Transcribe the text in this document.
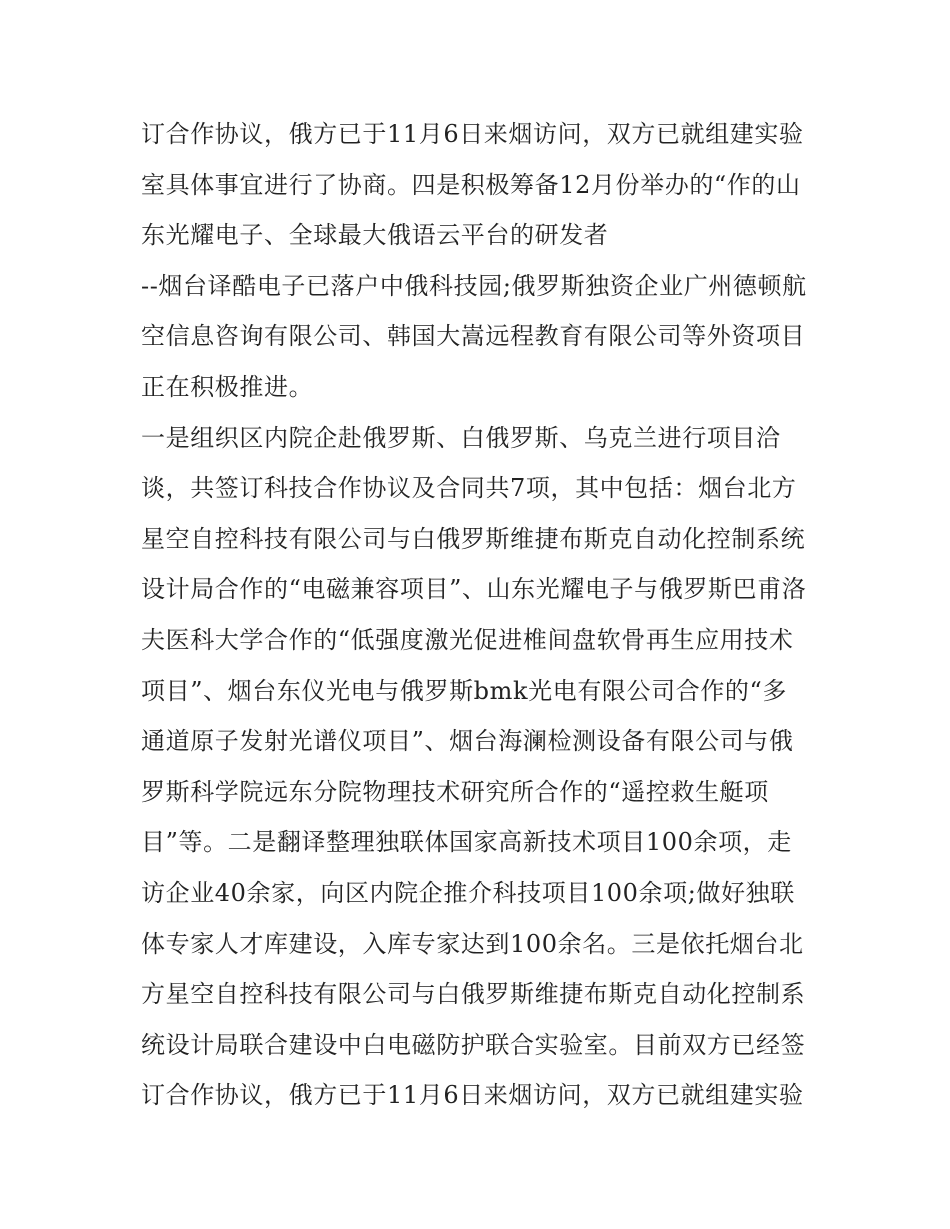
订合作协议，俄方已于11月6日来烟访问，双方已就组建实验
室具体事宜进行了协商。四是积极筹备12月份举办的“作的山
东光耀电子、全球最大俄语云平台的研发者
--烟台译酷电子已落户中俄科技园;俄罗斯独资企业广州德顿航
空信息咨询有限公司、韩国大嵩远程教育有限公司等外资项目
正在积极推进。
一是组织区内院企赴俄罗斯、白俄罗斯、乌克兰进行项目洽
谈，共签订科技合作协议及合同共7项，其中包括：烟台北方
星空自控科技有限公司与白俄罗斯维捷布斯克自动化控制系统
设计局合作的“电磁兼容项目”、山东光耀电子与俄罗斯巴甫洛
夫医科大学合作的“低强度激光促进椎间盘软骨再生应用技术
项目”、烟台东仪光电与俄罗斯bmk光电有限公司合作的“多
通道原子发射光谱仪项目”、烟台海澜检测设备有限公司与俄
罗斯科学院远东分院物理技术研究所合作的“遥控救生艇项
目”等。二是翻译整理独联体国家高新技术项目100余项，走
访企业40余家，向区内院企推介科技项目100余项;做好独联
体专家人才库建设，入库专家达到100余名。三是依托烟台北
方星空自控科技有限公司与白俄罗斯维捷布斯克自动化控制系
统设计局联合建设中白电磁防护联合实验室。目前双方已经签
订合作协议，俄方已于11月6日来烟访问，双方已就组建实验
